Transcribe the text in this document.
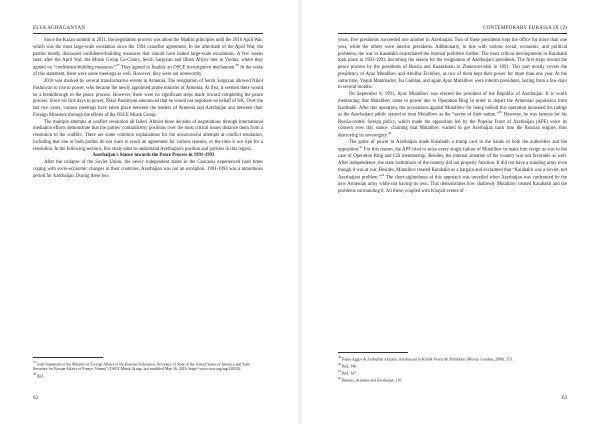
ELYA AGHAGANYAN

Since the Kazan summit in 2011, the negotiation process was about the Madrid principles until the 2016 April War, which was the most large-scale escalation since the 1994 ceasefire agreement. In the aftermath of the April War, the parties mostly discussed confidence-building measures that should have halted large-scale escalations. A few weeks later, after the April War, the Minsk Group Co-Chairs, Serzh Sargsyan and Ilham Aliyev met in Vienna, where they agreed on “confidence-building measures.”$^{37}$ They agreed to finalize an OSCE investigative mechanism.$^{38}$ In the wake of this statement, there were some meetings as well. However, they were not noteworthy.

2018 was marked by several transformative events in Armenia. The resignation of Serzh Sargsyan allowed Nikol Pashinyan to rise to power, who became the newly appointed prime minister of Armenia. At first, it seemed there would be a breakthrough in the peace process. However, there were no significant steps made toward completing the peace process. Since his first days in power, Nikol Pashinyan announced that he would not negotiate on behalf of NK. Over the last two years, various meetings have taken place between the leaders of Armenia and Azerbaijan and between their Foreign Ministers through the efforts of the OSCE Minsk Group.

The multiple attempts at conflict resolution all failed. Almost three decades of negotiations through international mediation efforts demonstrate that the parties' contradictory positions over the most critical issues distance them from a resolution to the conflict. There are some common explanations for the unsuccessful attempts at conflict resolution, including that one or both parties do not want to reach an agreement for various reasons, or the time is not ripe for a resolution. In the following sections, this study aims to understand Azerbaijan's position and policies in this regard.

Azerbaijan's Stance towards the Peace Process in 1991-1993

After the collapse of the Soviet Union, the newly independent states in the Caucasus experienced hard times coping with socio-economic changes in their countries. Azerbaijan was not an exception. 1991-1993 was a tumultuous period for Azerbaijan. During these two

$^{37}$ Joint Statement of the Minister of Foreign Affairs of the Russian Federation, Secretary of State of the United States of America and State Secretary for Europe Affairs of France, Vienna” (OSCE Minsk Group, last modified May 16, 2016, https://www.osce.org/mg/240316.

$^{38}$ Ibid.

62
CONTEMPORARY EURASIA IX (2)

years, five presidents succeeded one another in Azerbaijan. Two of these presidents kept the office for more than one year, while the others were interim presidents. Additionally, in line with various social, economic, and political problems, the war in Karabakh exacerbated the internal problems further. The most critical developments in Karabakh took place in 1991-1993, becoming the reason for the resignation of Azerbaijani presidents. The first steps toward the peace process by the presidents of Russia and Kazakhstan in Zheleznovodsk in 1991. This part mostly covers the presidency of Ayaz Mutalibov and Abulfaz Elchibey, as two of them kept their power for more than one year. At the same time, Yaqub Mammadov, Isa Gambar, and again Ayaz Mutalibov were interim presidents, lasting from a few days to several months.

On September 8, 1991, Ayaz Mutalibov was elected the president of the Republic of Azerbaijan. It is worth mentioning that Mutalibov came to power due to Operation Ring in order to depart the Armenian population from Karabakh. After this operation, the accusations against Mutalibov for being behind this operation increased his ratings as the Azerbaijani public started to treat Mutalibov as the “savior of their nation.”$^{39}$ However, he was famous for his Russia-centric foreign policy, which made the opposition led by the Popular Front of Azerbaijan (APF) voice its concern over this stance, claiming that Mutalibov wanted to get Azerbaijan back into the Russian empire, thus destroying its sovereignty.$^{40}$

The game of power in Azerbaijan made Karabakh a trump card in the hands of both the authorities and the opposition.$^{41}$ For this reason, the APF tried to seize every single failure of Mutalibov to make him resign as was in the case of Operation Ring and CIS membership. Besides, the internal situation of the country was not favorable as well. After independence, the state institutions of the country did not properly function. It did not have a standing army even though it was at war. Besides, Mutalibov treated Karabakh as a bargain and exclaimed that “Karabakh was a Soviet, not Azerbaijani problem.”$^{42}$ The short-sightedness of this approach was unveiled when Azerbaijan was confronted by the new Armenian army while not having its own. This demonstrates how shallowly Mutalibov treated Karabakh and the problems surrounding it. All these, coupled with Khojali events of

$^{39}$ Busra Aggov & Zeybullah Akyudir, Azerbaycan'in Kimlik Veren Alt Kimlikleri (Mosca: Gendisa, 2006), 153.

$^{40}$ Ibid, 146.

$^{41}$ Ibid, 147.

$^{42}$ Benaris, Armenia and Azerbaijan, 110.

63
